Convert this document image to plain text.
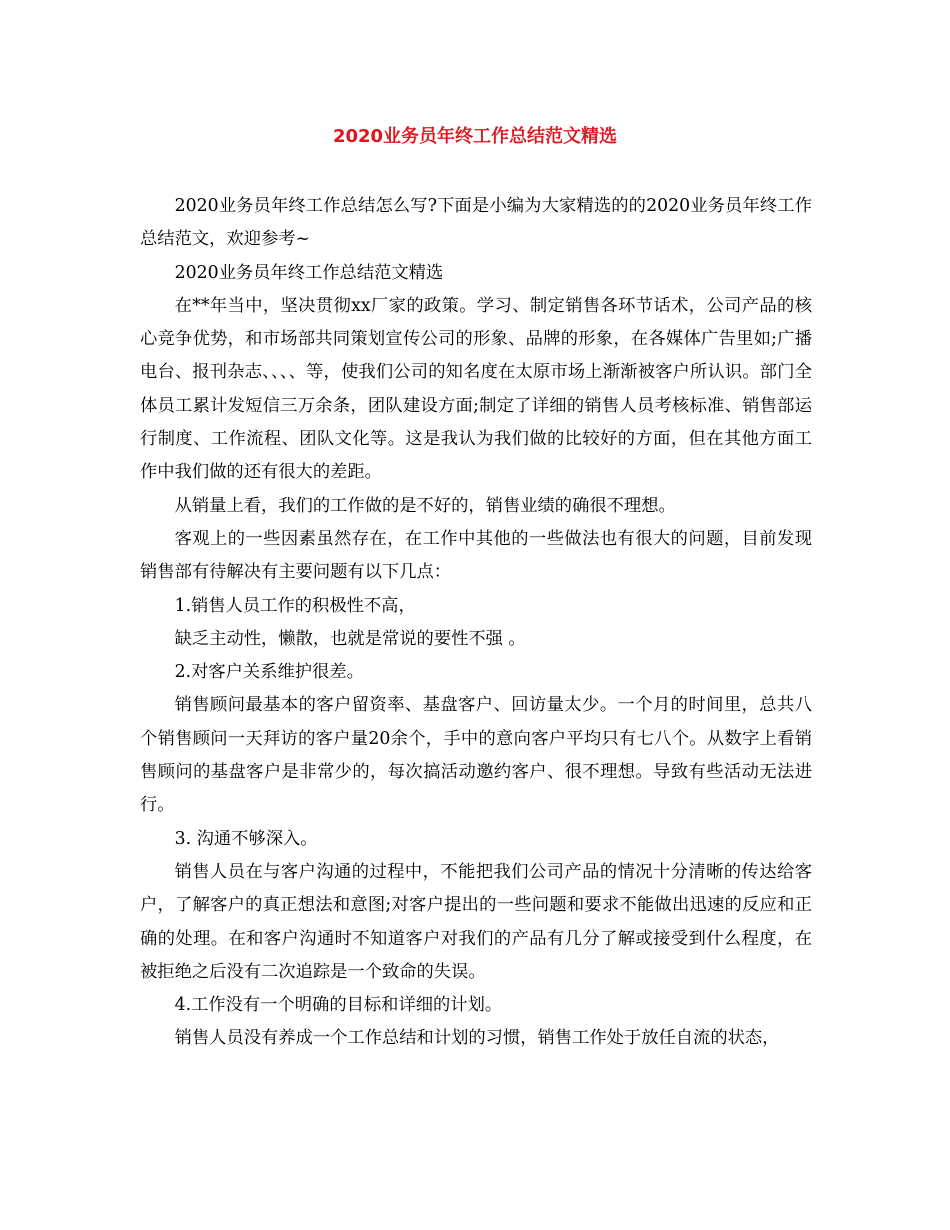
2020业务员年终工作总结范文精选

2020业务员年终工作总结怎么写?下面是小编为大家精选的的2020业务员年终工作总结范文，欢迎参考~

2020业务员年终工作总结范文精选

在**年当中，坚决贯彻xx厂家的政策。学习、制定销售各环节话术，公司产品的核心竞争优势，和市场部共同策划宣传公司的形象、品牌的形象，在各媒体广告里如;广播电台、报刊杂志、、、、等，使我们公司的知名度在太原市场上渐渐被客户所认识。部门全体员工累计发短信三万余条，团队建设方面;制定了详细的销售人员考核标准、销售部运行制度、工作流程、团队文化等。这是我认为我们做的比较好的方面，但在其他方面工作中我们做的还有很大的差距。

从销量上看，我们的工作做的是不好的，销售业绩的确很不理想。

客观上的一些因素虽然存在，在工作中其他的一些做法也有很大的问题，目前发现销售部有待解决有主要问题有以下几点：

1.销售人员工作的积极性不高，

缺乏主动性，懒散，也就是常说的要性不强 。

2.对客户关系维护很差。

销售顾问最基本的客户留资率、基盘客户、回访量太少。一个月的时间里，总共八个销售顾问一天拜访的客户量20余个，手中的意向客户平均只有七八个。从数字上看销售顾问的基盘客户是非常少的，每次搞活动邀约客户、很不理想。导致有些活动无法进行。

3. 沟通不够深入。

销售人员在与客户沟通的过程中，不能把我们公司产品的情况十分清晰的传达给客户，了解客户的真正想法和意图;对客户提出的一些问题和要求不能做出迅速的反应和正确的处理。在和客户沟通时不知道客户对我们的产品有几分了解或接受到什么程度，在被拒绝之后没有二次追踪是一个致命的失误。

4.工作没有一个明确的目标和详细的计划。

销售人员没有养成一个工作总结和计划的习惯，销售工作处于放任自流的状态，
